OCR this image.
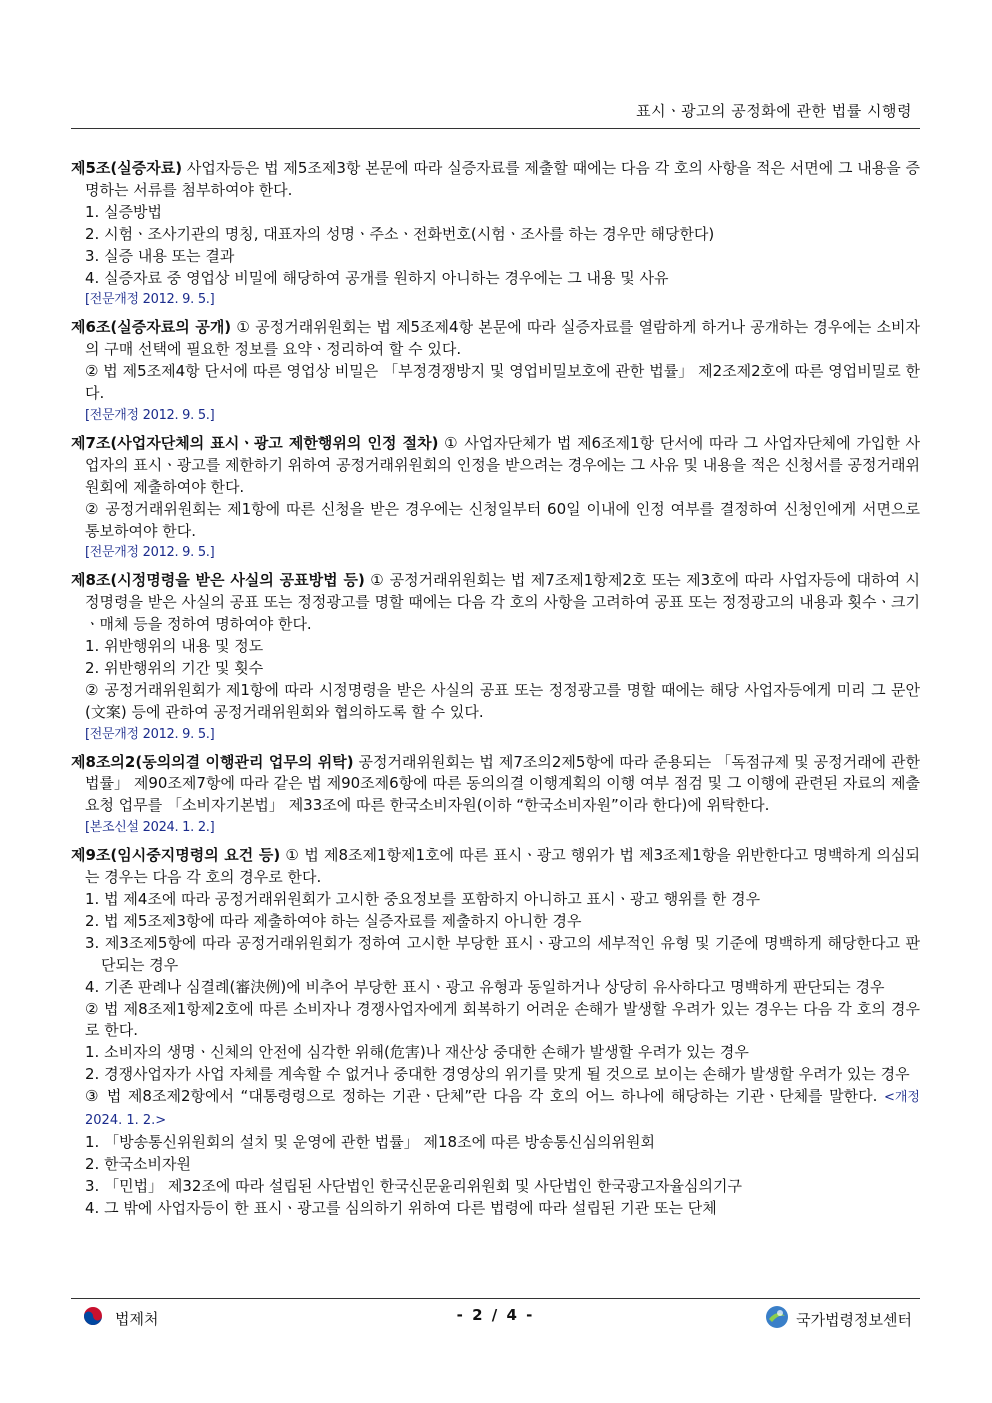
표시ㆍ광고의 공정화에 관한 법률 시행령
제5조(실증자료) 사업자등은 법 제5조제3항 본문에 따라 실증자료를 제출할 때에는 다음 각 호의 사항을 적은 서면에 그 내용을 증명하는 서류를 첨부하여야 한다.
1. 실증방법
2. 시험ㆍ조사기관의 명칭, 대표자의 성명ㆍ주소ㆍ전화번호(시험ㆍ조사를 하는 경우만 해당한다)
3. 실증 내용 또는 결과
4. 실증자료 중 영업상 비밀에 해당하여 공개를 원하지 아니하는 경우에는 그 내용 및 사유
[전문개정 2012. 9. 5.]
제6조(실증자료의 공개) ① 공정거래위원회는 법 제5조제4항 본문에 따라 실증자료를 열람하게 하거나 공개하는 경우에는 소비자의 구매 선택에 필요한 정보를 요약ㆍ정리하여 할 수 있다.
② 법 제5조제4항 단서에 따른 영업상 비밀은 「부정경쟁방지 및 영업비밀보호에 관한 법률」 제2조제2호에 따른 영업비밀로 한다.
[전문개정 2012. 9. 5.]
제7조(사업자단체의 표시ㆍ광고 제한행위의 인정 절차) ① 사업자단체가 법 제6조제1항 단서에 따라 그 사업자단체에 가입한 사업자의 표시ㆍ광고를 제한하기 위하여 공정거래위원회의 인정을 받으려는 경우에는 그 사유 및 내용을 적은 신청서를 공정거래위원회에 제출하여야 한다.
② 공정거래위원회는 제1항에 따른 신청을 받은 경우에는 신청일부터 60일 이내에 인정 여부를 결정하여 신청인에게 서면으로 통보하여야 한다.
[전문개정 2012. 9. 5.]
제8조(시정명령을 받은 사실의 공표방법 등) ① 공정거래위원회는 법 제7조제1항제2호 또는 제3호에 따라 사업자등에 대하여 시정명령을 받은 사실의 공표 또는 정정광고를 명할 때에는 다음 각 호의 사항을 고려하여 공표 또는 정정광고의 내용과 횟수ㆍ크기ㆍ매체 등을 정하여 명하여야 한다.
1. 위반행위의 내용 및 정도
2. 위반행위의 기간 및 횟수
② 공정거래위원회가 제1항에 따라 시정명령을 받은 사실의 공표 또는 정정광고를 명할 때에는 해당 사업자등에게 미리 그 문안(文案) 등에 관하여 공정거래위원회와 협의하도록 할 수 있다.
[전문개정 2012. 9. 5.]
제8조의2(동의의결 이행관리 업무의 위탁) 공정거래위원회는 법 제7조의2제5항에 따라 준용되는 「독점규제 및 공정거래에 관한 법률」 제90조제7항에 따라 같은 법 제90조제6항에 따른 동의의결 이행계획의 이행 여부 점검 및 그 이행에 관련된 자료의 제출 요청 업무를 「소비자기본법」 제33조에 따른 한국소비자원(이하 “한국소비자원”이라 한다)에 위탁한다.
[본조신설 2024. 1. 2.]
제9조(임시중지명령의 요건 등) ① 법 제8조제1항제1호에 따른 표시ㆍ광고 행위가 법 제3조제1항을 위반한다고 명백하게 의심되는 경우는 다음 각 호의 경우로 한다.
1. 법 제4조에 따라 공정거래위원회가 고시한 중요정보를 포함하지 아니하고 표시ㆍ광고 행위를 한 경우
2. 법 제5조제3항에 따라 제출하여야 하는 실증자료를 제출하지 아니한 경우
3. 제3조제5항에 따라 공정거래위원회가 정하여 고시한 부당한 표시ㆍ광고의 세부적인 유형 및 기준에 명백하게 해당한다고 판단되는 경우
4. 기존 판례나 심결례(審決例)에 비추어 부당한 표시ㆍ광고 유형과 동일하거나 상당히 유사하다고 명백하게 판단되는 경우
② 법 제8조제1항제2호에 따른 소비자나 경쟁사업자에게 회복하기 어려운 손해가 발생할 우려가 있는 경우는 다음 각 호의 경우로 한다.
1. 소비자의 생명ㆍ신체의 안전에 심각한 위해(危害)나 재산상 중대한 손해가 발생할 우려가 있는 경우
2. 경쟁사업자가 사업 자체를 계속할 수 없거나 중대한 경영상의 위기를 맞게 될 것으로 보이는 손해가 발생할 우려가 있는 경우
③ 법 제8조제2항에서 “대통령령으로 정하는 기관ㆍ단체”란 다음 각 호의 어느 하나에 해당하는 기관ㆍ단체를 말한다. <개정 2024. 1. 2.>
1. 「방송통신위원회의 설치 및 운영에 관한 법률」 제18조에 따른 방송통신심의위원회
2. 한국소비자원
3. 「민법」 제32조에 따라 설립된 사단법인 한국신문윤리위원회 및 사단법인 한국광고자율심의기구
4. 그 밖에 사업자등이 한 표시ㆍ광고를 심의하기 위하여 다른 법령에 따라 설립된 기관 또는 단체
법제처	- 2 / 4 -	국가법령정보센터
